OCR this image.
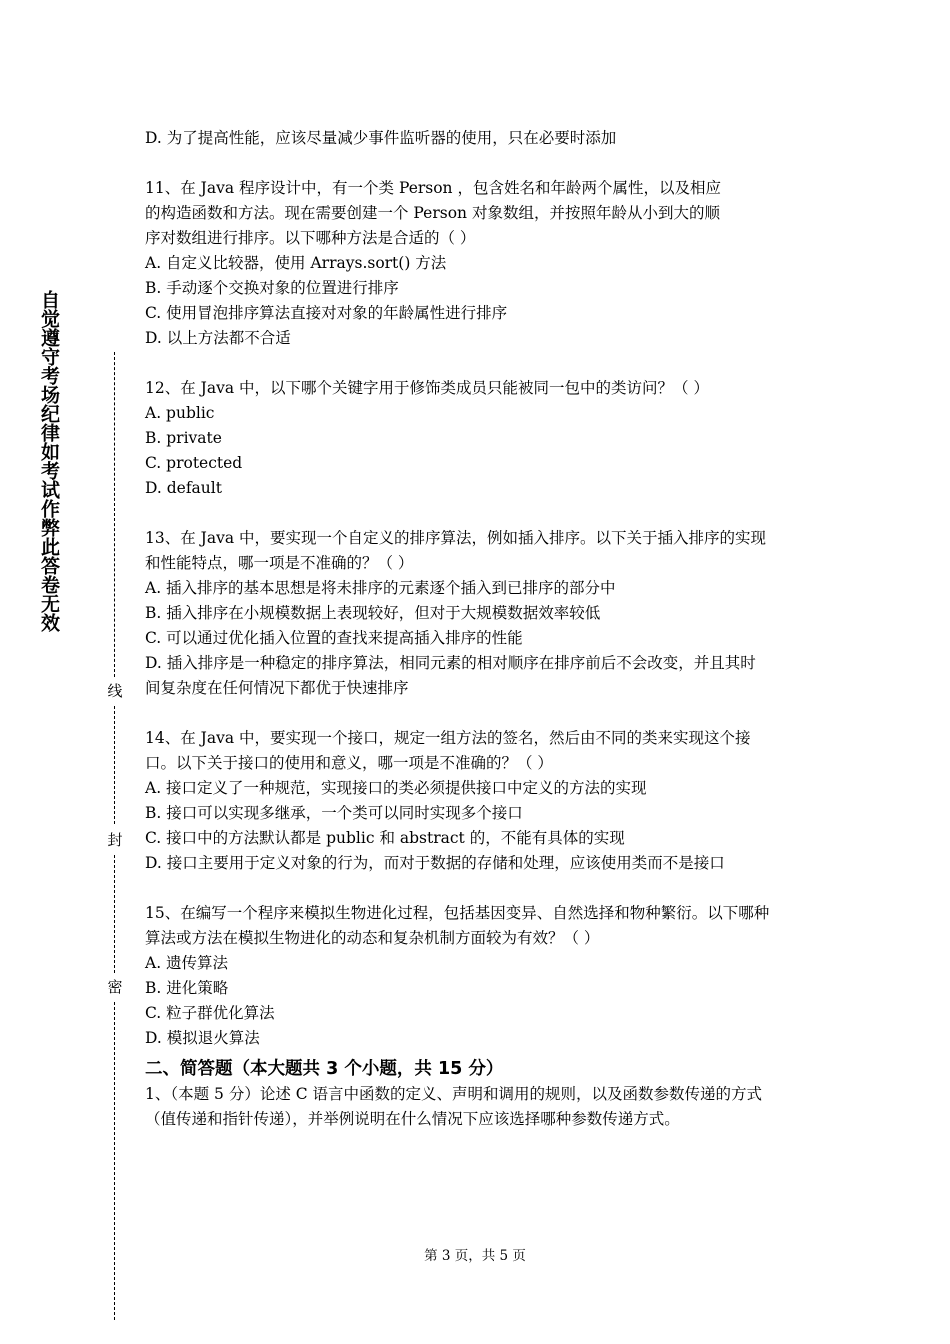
自觉遵守考场纪律如考试作弊此答卷无效
线
封
密
D. 为了提高性能，应该尽量减少事件监听器的使用，只在必要时添加
11、在 Java 程序设计中，有一个类 Person ，包含姓名和年龄两个属性，以及相应
的构造函数和方法。现在需要创建一个 Person 对象数组，并按照年龄从小到大的顺
序对数组进行排序。以下哪种方法是合适的（ ）
A. 自定义比较器，使用 Arrays.sort() 方法
B. 手动逐个交换对象的位置进行排序
C. 使用冒泡排序算法直接对对象的年龄属性进行排序
D. 以上方法都不合适
12、在 Java 中，以下哪个关键字用于修饰类成员只能被同一包中的类访问？（ ）
A. public
B. private
C. protected
D. default
13、在 Java 中，要实现一个自定义的排序算法，例如插入排序。以下关于插入排序的实现
和性能特点，哪一项是不准确的？（ ）
A. 插入排序的基本思想是将未排序的元素逐个插入到已排序的部分中
B. 插入排序在小规模数据上表现较好，但对于大规模数据效率较低
C. 可以通过优化插入位置的查找来提高插入排序的性能
D. 插入排序是一种稳定的排序算法，相同元素的相对顺序在排序前后不会改变，并且其时
间复杂度在任何情况下都优于快速排序
14、在 Java 中，要实现一个接口，规定一组方法的签名，然后由不同的类来实现这个接
口。以下关于接口的使用和意义，哪一项是不准确的？（ ）
A. 接口定义了一种规范，实现接口的类必须提供接口中定义的方法的实现
B. 接口可以实现多继承，一个类可以同时实现多个接口
C. 接口中的方法默认都是 public 和 abstract 的，不能有具体的实现
D. 接口主要用于定义对象的行为，而对于数据的存储和处理，应该使用类而不是接口
15、在编写一个程序来模拟生物进化过程，包括基因变异、自然选择和物种繁衍。以下哪种
算法或方法在模拟生物进化的动态和复杂机制方面较为有效？（ ）
A. 遗传算法
B. 进化策略
C. 粒子群优化算法
D. 模拟退火算法
二、简答题（本大题共 3 个小题，共 15 分）
1、（本题 5 分）论述 C 语言中函数的定义、声明和调用的规则，以及函数参数传递的方式
（值传递和指针传递），并举例说明在什么情况下应该选择哪种参数传递方式。
第 3 页，共 5 页
